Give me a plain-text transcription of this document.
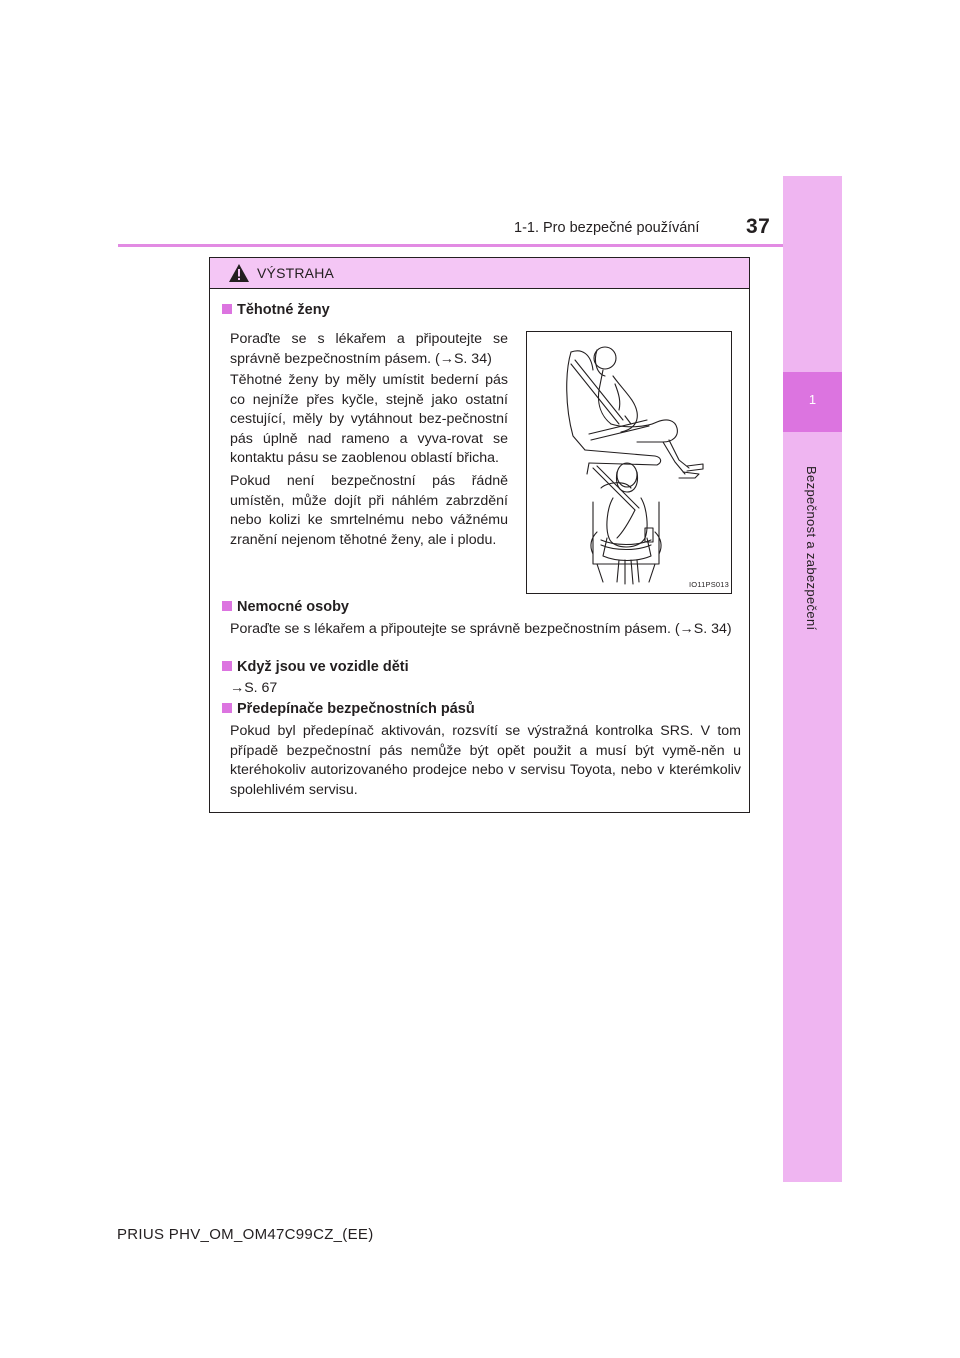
37
1-1. Pro bezpečné používání
1
Bezpečnost a zabezpečení
VÝSTRAHA
Těhotné ženy
Poraďte se s lékařem a připoutejte se správně bezpečnostním pásem. (→S. 34)
Těhotné ženy by měly umístit bederní pás co nejníže přes kyčle, stejně jako ostatní cestující, měly by vytáhnout bez-pečnostní pás úplně nad rameno a vyva-rovat se kontaktu pásu se zaoblenou oblastí břicha.
Pokud není bezpečnostní pás řádně umístěn, může dojít při náhlém zabrzdění nebo kolizi ke smrtelnému nebo vážnému zranění nejenom těhotné ženy, ale i plodu.
IO11PS013
Nemocné osoby
Poraďte se s lékařem a připoutejte se správně bezpečnostním pásem. (→S. 34)
Když jsou ve vozidle děti
→S. 67
Předepínače bezpečnostních pásů
Pokud byl předepínač aktivován, rozsvítí se výstražná kontrolka SRS. V tom případě bezpečnostní pás nemůže být opět použit a musí být vymě-něn u kteréhokoliv autorizovaného prodejce nebo v servisu Toyota, nebo v kterémkoliv spolehlivém servisu.
PRIUS PHV_OM_OM47C99CZ_(EE)
